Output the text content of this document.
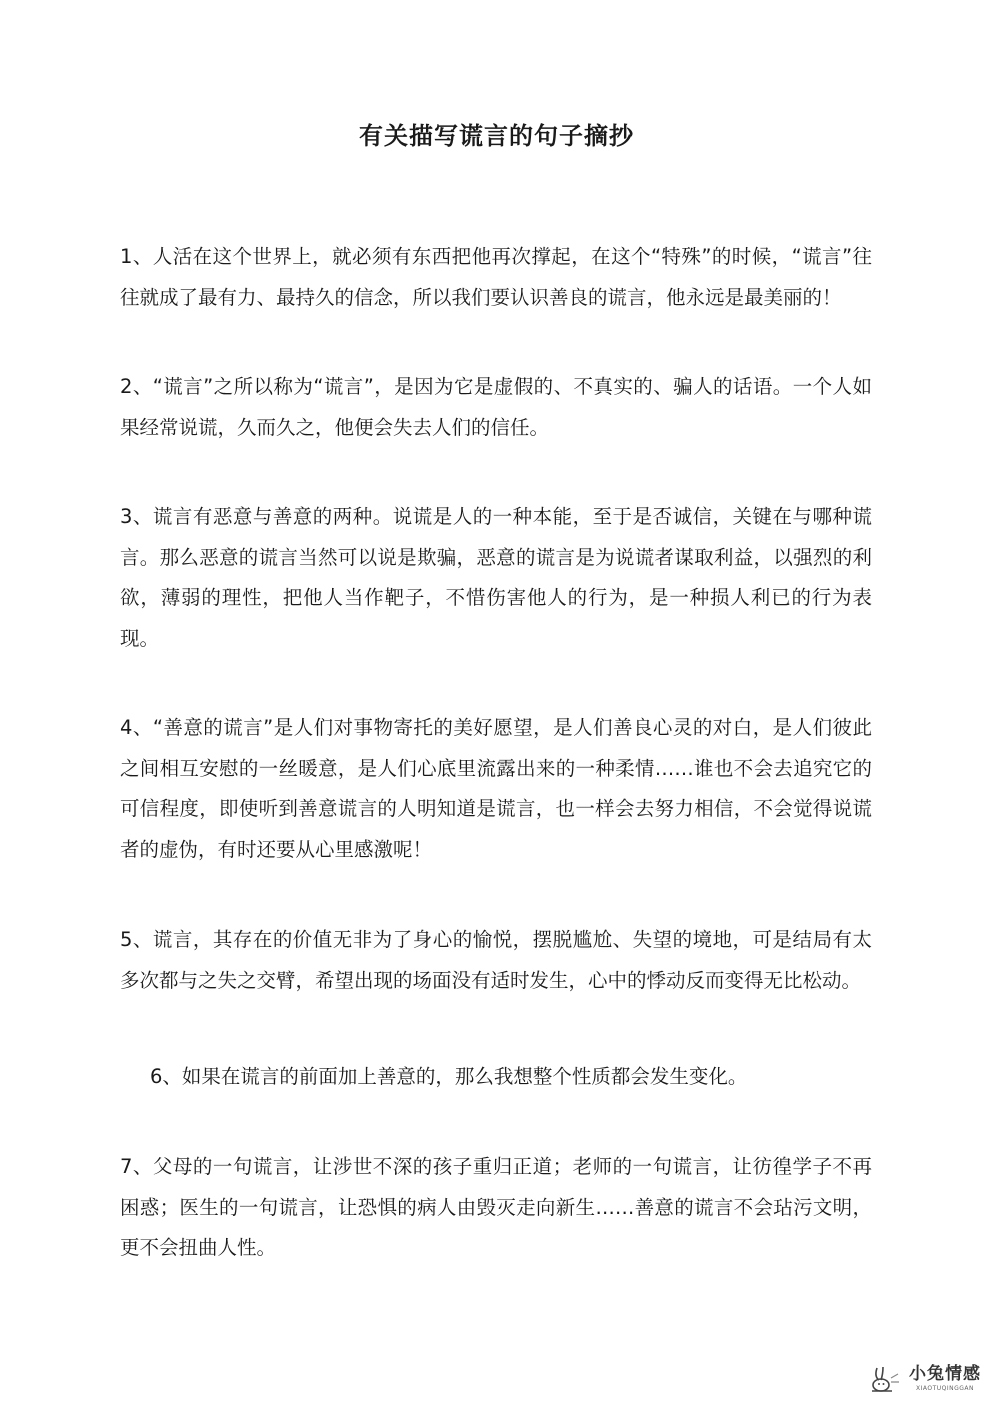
有关描写谎言的句子摘抄

1、人活在这个世界上，就必须有东西把他再次撑起，在这个“特殊”的时候，“谎言”往往就成了最有力、最持久的信念，所以我们要认识善良的谎言，他永远是最美丽的！

2、“谎言”之所以称为“谎言”，是因为它是虚假的、不真实的、骗人的话语。一个人如果经常说谎，久而久之，他便会失去人们的信任。

3、谎言有恶意与善意的两种。说谎是人的一种本能，至于是否诚信，关键在与哪种谎言。那么恶意的谎言当然可以说是欺骗，恶意的谎言是为说谎者谋取利益，以强烈的利欲，薄弱的理性，把他人当作靶子，不惜伤害他人的行为，是一种损人利已的行为表现。

4、“善意的谎言”是人们对事物寄托的美好愿望，是人们善良心灵的对白，是人们彼此之间相互安慰的一丝暖意，是人们心底里流露出来的一种柔情……谁也不会去追究它的可信程度，即使听到善意谎言的人明知道是谎言，也一样会去努力相信，不会觉得说谎者的虚伪，有时还要从心里感激呢！

5、谎言，其存在的价值无非为了身心的愉悦，摆脱尴尬、失望的境地，可是结局有太多次都与之失之交臂，希望出现的场面没有适时发生，心中的悸动反而变得无比松动。

6、如果在谎言的前面加上善意的，那么我想整个性质都会发生变化。

7、父母的一句谎言，让涉世不深的孩子重归正道；老师的一句谎言，让彷徨学子不再困惑；医生的一句谎言，让恐惧的病人由毁灭走向新生……善意的谎言不会玷污文明，更不会扭曲人性。

小兔情感
XIAOTUQINGGAN
